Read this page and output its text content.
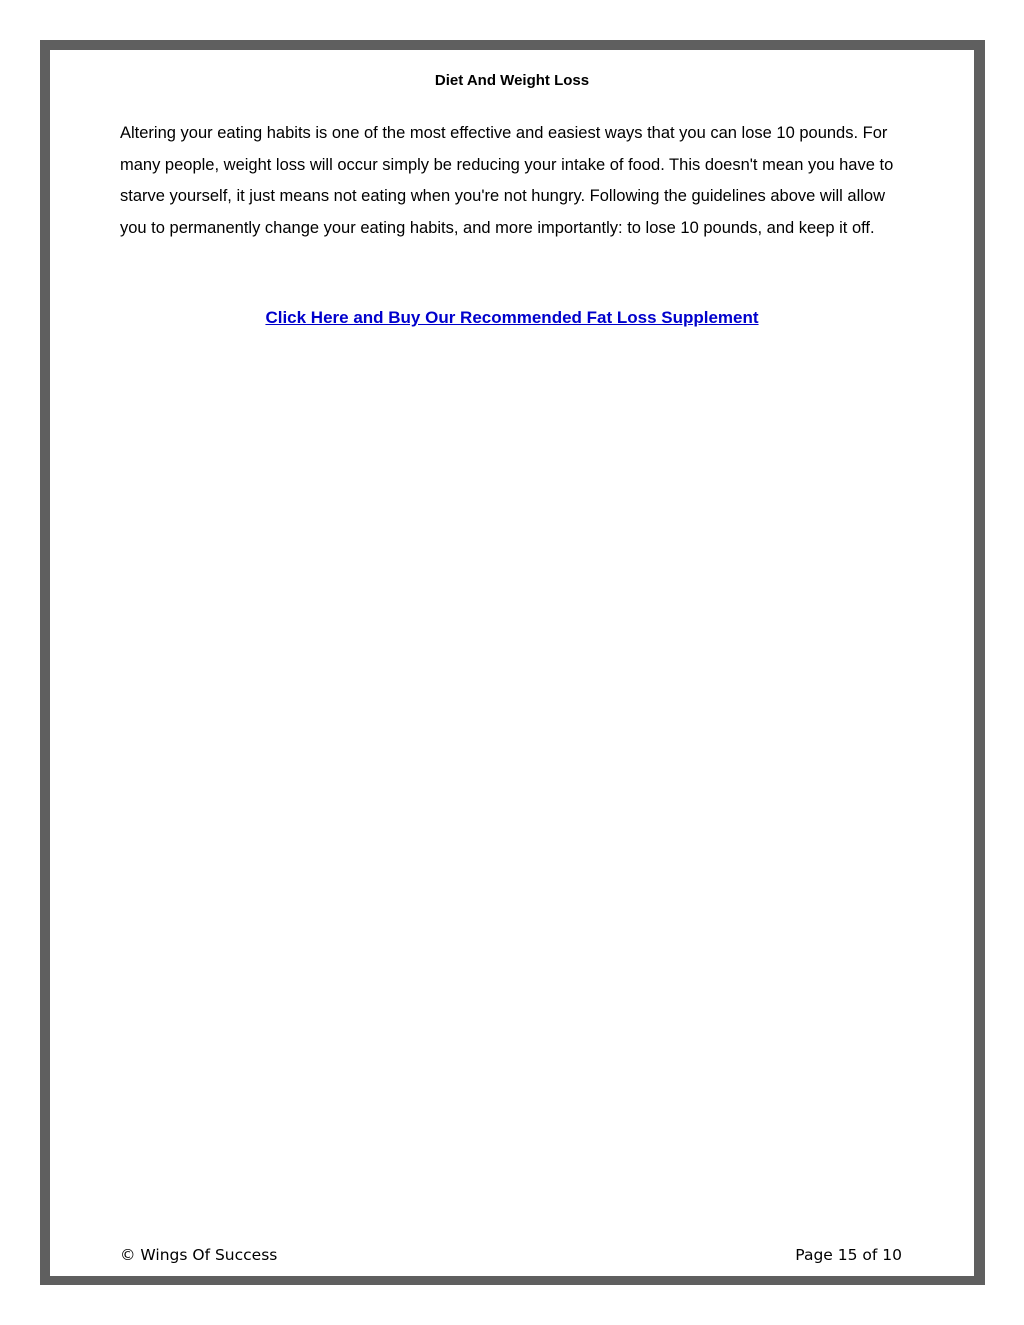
Diet And Weight Loss

Altering your eating habits is one of the most effective and easiest ways that you can lose 10 pounds. For many people, weight loss will occur simply be reducing your intake of food. This doesn't mean you have to starve yourself, it just means not eating when you're not hungry. Following the guidelines above will allow you to permanently change your eating habits, and more importantly: to lose 10 pounds, and keep it off.

Click Here and Buy Our Recommended Fat Loss Supplement
© Wings Of Success	Page 15 of 10
